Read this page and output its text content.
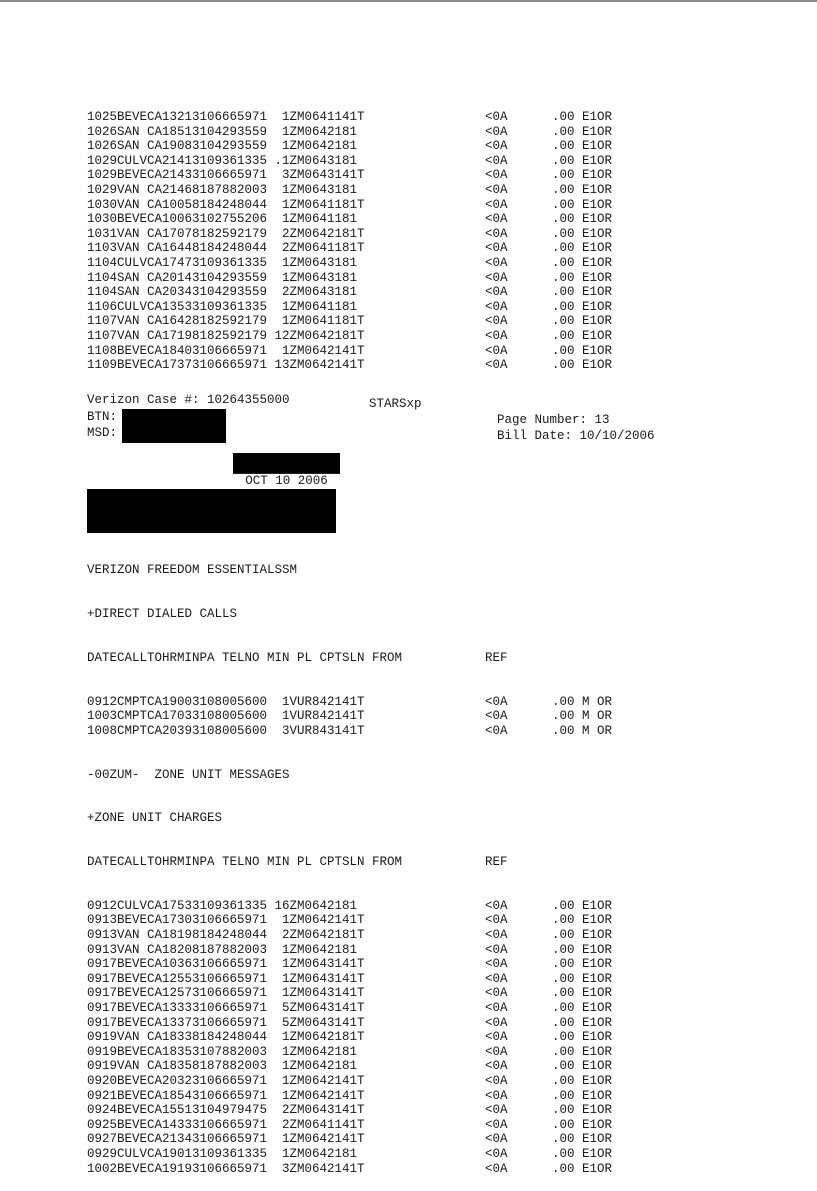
1025BEVECA13213106665971  1ZM0641141T	<0A	.00 E1OR
1026SAN CA18513104293559  1ZM0642181	<0A	.00 E1OR
1026SAN CA19083104293559  1ZM0642181	<0A	.00 E1OR
1029CULVCA21413109361335 .1ZM0643181	<0A	.00 E1OR
1029BEVECA21433106665971  3ZM0643141T	<0A	.00 E1OR
1029VAN CA21468187882003  1ZM0643181	<0A	.00 E1OR
1030VAN CA10058184248044  1ZM0641181T	<0A	.00 E1OR
1030BEVECA10063102755206  1ZM0641181	<0A	.00 E1OR
1031VAN CA17078182592179  2ZM0642181T	<0A	.00 E1OR
1103VAN CA16448184248044  2ZM0641181T	<0A	.00 E1OR
1104CULVCA17473109361335  1ZM0643181	<0A	.00 E1OR
1104SAN CA20143104293559  1ZM0643181	<0A	.00 E1OR
1104SAN CA20343104293559  2ZM0643181	<0A	.00 E1OR
1106CULVCA13533109361335  1ZM0641181	<0A	.00 E1OR
1107VAN CA16428182592179  1ZM0641181T	<0A	.00 E1OR
1107VAN CA17198182592179 12ZM0642181T	<0A	.00 E1OR
1108BEVECA18403106665971  1ZM0642141T	<0A	.00 E1OR
1109BEVECA17373106665971 13ZM0642141T	<0A	.00 E1OR
Verizon Case #: 10264355000	STARSxp
BTN:
MSD:
Page Number: 13
Bill Date: 10/10/2006
OCT 10 2006

VERIZON FREEDOM ESSENTIALSSM

+DIRECT DIALED CALLS

DATECALLTOHRMINPA TELNO MIN PL CPTSLN FROM	REF

0912CMPTCA19003108005600  1VUR842141T	<0A	.00 M OR
1003CMPTCA17033108005600  1VUR842141T	<0A	.00 M OR
1008CMPTCA20393108005600  3VUR843141T	<0A	.00 M OR

-00ZUM-  ZONE UNIT MESSAGES

+ZONE UNIT CHARGES

DATECALLTOHRMINPA TELNO MIN PL CPTSLN FROM	REF

0912CULVCA17533109361335 16ZM0642181	<0A	.00 E1OR
0913BEVECA17303106665971  1ZM0642141T	<0A	.00 E1OR
0913VAN CA18198184248044  2ZM0642181T	<0A	.00 E1OR
0913VAN CA18208187882003  1ZM0642181	<0A	.00 E1OR
0917BEVECA10363106665971  1ZM0643141T	<0A	.00 E1OR
0917BEVECA12553106665971  1ZM0643141T	<0A	.00 E1OR
0917BEVECA12573106665971  1ZM0643141T	<0A	.00 E1OR
0917BEVECA13333106665971  5ZM0643141T	<0A	.00 E1OR
0917BEVECA13373106665971  5ZM0643141T	<0A	.00 E1OR
0919VAN CA18338184248044  1ZM0642181T	<0A	.00 E1OR
0919BEVECA18353107882003  1ZM0642181	<0A	.00 E1OR
0919VAN CA18358187882003  1ZM0642181	<0A	.00 E1OR
0920BEVECA20323106665971  1ZM0642141T	<0A	.00 E1OR
0921BEVECA18543106665971  1ZM0642141T	<0A	.00 E1OR
0924BEVECA15513104979475  2ZM0643141T	<0A	.00 E1OR
0925BEVECA14333106665971  2ZM0641141T	<0A	.00 E1OR
0927BEVECA21343106665971  1ZM0642141T	<0A	.00 E1OR
0929CULVCA19013109361335  1ZM0642181	<0A	.00 E1OR
1002BEVECA19193106665971  3ZM0642141T	<0A	.00 E1OR
